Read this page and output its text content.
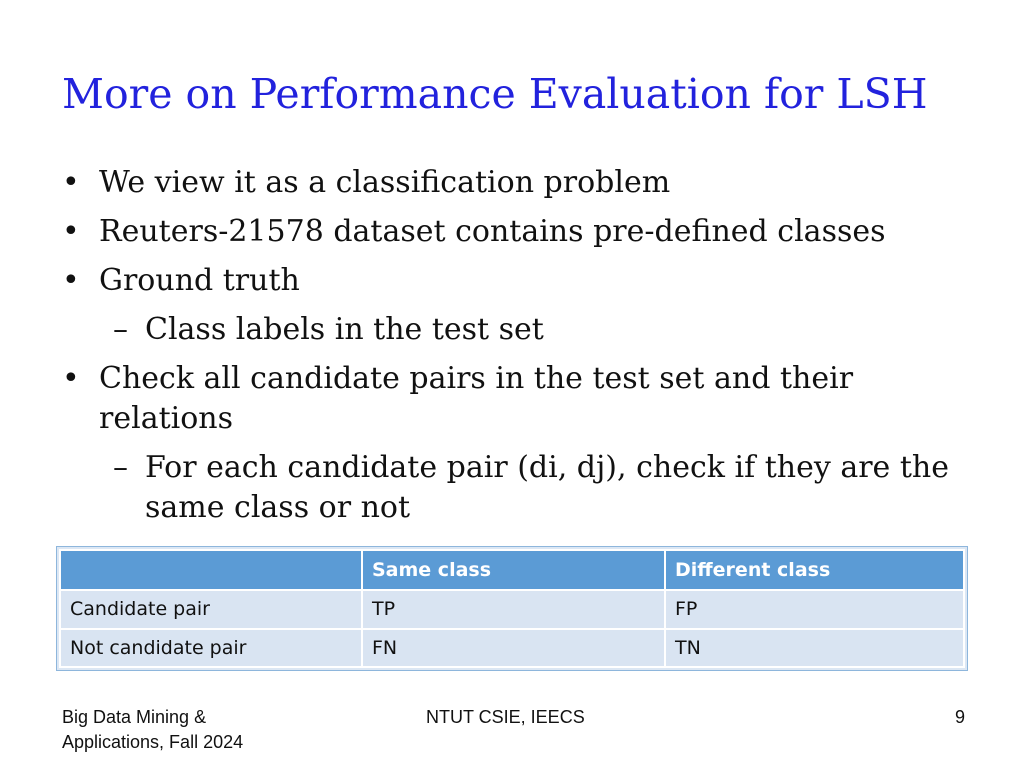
More on Performance Evaluation for LSH

• We view it as a classification problem

• Reuters-21578 dataset contains pre-defined classes

• Ground truth

– Class labels in the test set

• Check all candidate pairs in the test set and their relations

– For each candidate pair (di, dj), check if they are the same class or not

	Same class	Different class
Candidate pair	TP	FP
Not candidate pair	FN	TN
Big Data Mining &
Applications, Fall 2024
NTUT CSIE, IEECS	9
